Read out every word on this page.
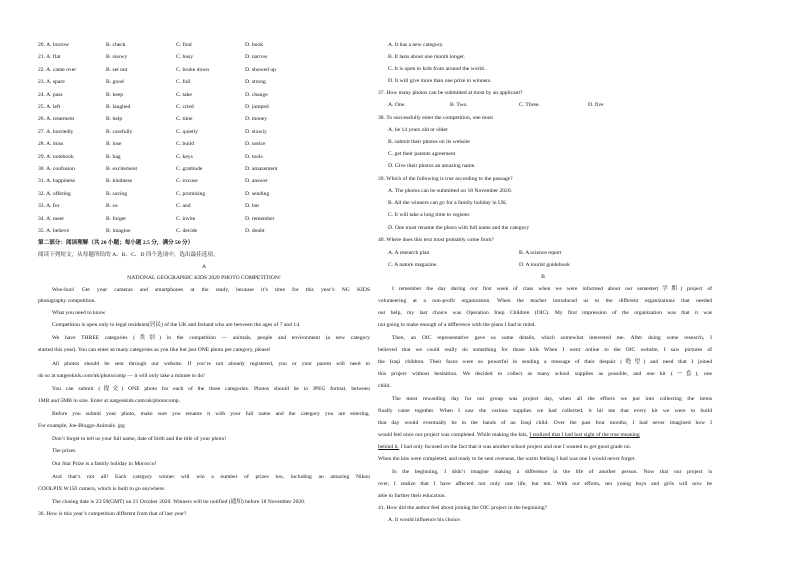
20. A. borrow	B. check	C. find	D. book
21. A. flat	B. snowy	C. busy	D. narrow
22. A. came over	B. set out	C. broke down	D. showed up
23. A. spare	B. good	C. full	D. strong
24. A. pass	B. keep	C. take	D. change
25. A. left	B. laughed	C. cried	D. jumped
26. A. treatment	B. help	C. time	D. money
27. A. hurriedly	B. carefully	C. quietly	D. slowly
28. A. miss	B. lose	C. build	D. notice
29. A. notebook	B. bag	C. keys	D. tools
30. A. confusion	B. excitement	C. gratitude	D. amazement
31. A. happiness	B. kindness	C. excuse	D. answer
32. A. offering	B. saving	C. promising	D. sending
33. A. for	B. so	C. and	D. but
34. A. meet	B. forget	C. invite	D. remember
35. A. believe	B. imagine	C. decide	D. doubt
第二部分：阅读理解（共 20 小题；每小题 2.5 分，满分 50 分）
阅读下列短文，从每题所给的 A、B、C、D 四个选项中，选出最佳选项。
A
NATIONAL GEOGRAPHIC KIDS 2020 PHOTO COMPETITION!
Woo-hoo! Get your cameras and smartphones at the ready, because it’s time for this year’s NG KIDS
photography competition.
What you need to know
Competition is open only to legal residents(居民) of the UK and Ireland who are between the ages of 7 and 14.
We have THREE categories (类别) in the competition — animals, people and environment (a new category
started this year). You can enter as many categories as you like but just ONE photo per category, please!
All photos should be sent through our website. If you’re not already registered, you or your parent will need to
do so at natgeokids.com/uk/photocomp — it will only take a minute to do!
You can submit (提交) ONE photo for each of the three categories. Photos should be in JPEG format, between
1MB and 5MB in size. Enter at natgeokids.com/uk/photocomp.
Before you submit your photo, make sure you rename it with your full name and the category you are entering.
For example, Joe-Bloggs-Animals. jpg
Don’t forget to tell us your full name, date of birth and the title of your photo!
The prizes
Our Star Prize is a family holiday in Morocco!
And that’s not all! Each category winner will win a number of prizes too, including an amazing Nikon
COOLPIX W150 camera, which is built to go anywhere.
The closing date is 23:59(GMT) on 21 October 2020. Winners will be notified (通知) before 18 November 2020.
36. How is this year’s competition different from that of last year?
A. It has a new category.
B. It lasts about one month longer.
C. It is open to kids from around the world.
D. It will give more than one prize to winners.
37. How many photos can be submitted at most by an applicant?
A. One.	B. Two.	C. Three.	D. five
38. To successfully enter the competition, one must
A. be 14 years old or older
B. submit their photos on its website
C. get their parents agreement
D. Give their photos an amazing name.
39. Which of the following is true according to the passage?
A. The photos can be submitted on 18 November 2020.
B. All the winners can go for a family holiday in UK.
C. It will take a long time to register.
D. One must rename the photo with full name and the category
40. Where does this text most probably come from?
A. A research plan	B. A science report
C. A nature magazine.	D. A tourist guidebook
B
I remember the day during our first week of class when we were informed about our semester(学期) project of
volunteering at a non-profit organization. When the teacher introduced us to the different organizations that needed
our help, my last choice was Operation Iraqi Children (OIC). My first impression of the organization was that it was
not going to make enough of a difference with the plans I had in mind.
Then, an OIC representative gave us some details, which somewhat interested me. After doing some research, I
believed that we could really do something for those kids When I went online to the OIC website, I saw pictures of
the Iraqi children. Their faces were so powerful in sending a message of their despair (绝望) and need that I joined
this project without hesitation. We decided to collect as many school supplies as possible, and one kit (一套), one
child.
The most rewarding day for our group was project day, when all the efforts we put into collecting the items
finally came together. When I saw the various supplies we had collected, it hit me that every kit we were to build
that day would eventually be in the hands of an Iraqi child. Over the past four months, I had never imagined how I
would feel once our project was completed. While making the kits, I realized that I had lost sight of the true meaning
behind it. I had only focused on the fact that it was another school project and one I wanted to get good grade on.
When the kits were completed, and ready to be sent overseas, the warm feeling I had was one I would never forget.
In the beginning, I didn’t imagine making a difference in the life of another person. Now that our project is
over, I realize that I have affected not only one life, but ten. With our efforts, ten young boys and girls will now be
able to further their education.
41. How did the author feel about joining the OIC project in the beginning?
A. It would influence his choice.
